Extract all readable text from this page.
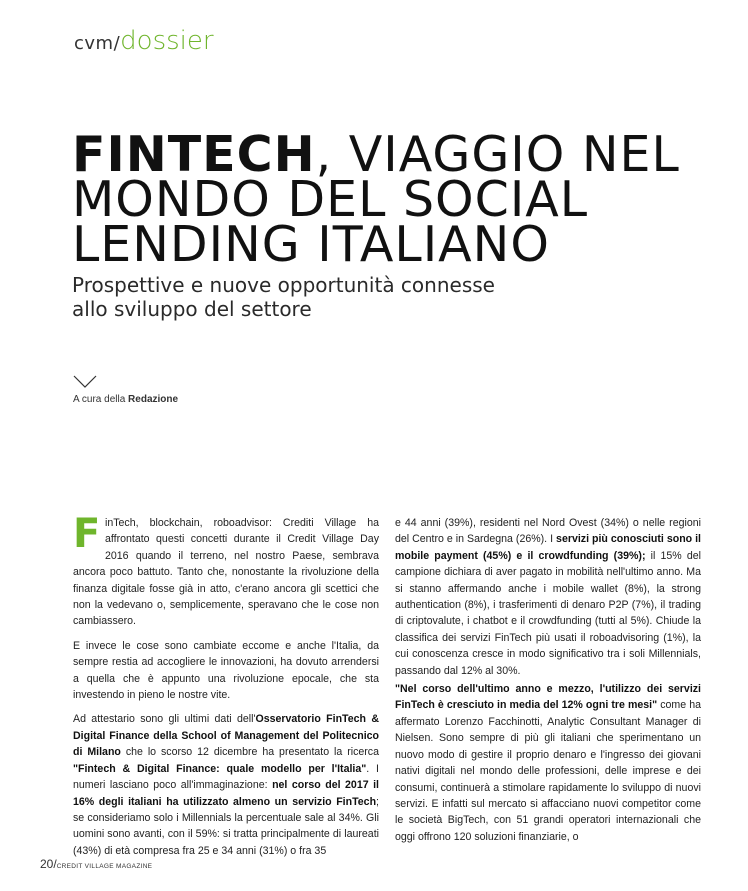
cvm/dossier
FINTECH, VIAGGIO NEL
MONDO DEL SOCIAL
LENDING ITALIANO
Prospettive e nuove opportunità connesse
allo sviluppo del settore
A cura della Redazione

FinTech, blockchain, roboadvisor: Crediti Village ha affrontato questi concetti durante il Credit Village Day 2016 quando il terreno, nel nostro Paese, sembrava ancora poco battuto. Tanto che, nonostante la rivoluzione della finanza digitale fosse già in atto, c'erano ancora gli scettici che non la vedevano o, semplicemente, speravano che le cose non cambiassero.

E invece le cose sono cambiate eccome e anche l'Italia, da sempre restia ad accogliere le innovazioni, ha dovuto arrendersi a quella che è appunto una rivoluzione epocale, che sta investendo in pieno le nostre vite.

Ad attestario sono gli ultimi dati dell'Osservatorio FinTech & Digital Finance della School of Management del Politecnico di Milano che lo scorso 12 dicembre ha presentato la ricerca "Fintech & Digital Finance: quale modello per l'Italia". I numeri lasciano poco all'immaginazione: nel corso del 2017 il 16% degli italiani ha utilizzato almeno un servizio FinTech; se consideriamo solo i Millennials la percentuale sale al 34%. Gli uomini sono avanti, con il 59%: si tratta principalmente di laureati (43%) di età compresa fra 25 e 34 anni (31%) o fra 35

e 44 anni (39%), residenti nel Nord Ovest (34%) o nelle regioni del Centro e in Sardegna (26%). I servizi più conosciuti sono il mobile payment (45%) e il crowdfunding (39%); il 15% del campione dichiara di aver pagato in mobilità nell'ultimo anno. Ma si stanno affermando anche i mobile wallet (8%), la strong authentication (8%), i trasferimenti di denaro P2P (7%), il trading di criptovalute, i chatbot e il crowdfunding (tutti al 5%). Chiude la classifica dei servizi FinTech più usati il roboadvisoring (1%), la cui conoscenza cresce in modo significativo tra i soli Millennials, passando dal 12% al 30%.

"Nel corso dell'ultimo anno e mezzo, l'utilizzo dei servizi FinTech è cresciuto in media del 12% ogni tre mesi" come ha affermato Lorenzo Facchinotti, Analytic Consultant Manager di Nielsen. Sono sempre di più gli italiani che sperimentano un nuovo modo di gestire il proprio denaro e l'ingresso dei giovani nativi digitali nel mondo delle professioni, delle imprese e dei consumi, continuerà a stimolare rapidamente lo sviluppo di nuovi servizi. E infatti sul mercato si affacciano nuovi competitor come le società BigTech, con 51 grandi operatori internazionali che oggi offrono 120 soluzioni finanziarie, o

20/CREDIT VILLAGE MAGAZINE
